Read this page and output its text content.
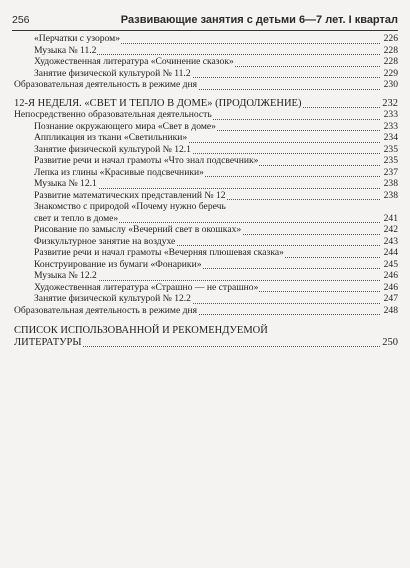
256	Развивающие занятия с детьми 6—7 лет. I квартал
«Перчатки с узором»	226
Музыка № 11.2	228
Художественная литература «Сочинение сказок»	228
Занятие физической культурой № 11.2	229
Образовательная деятельность в режиме дня	230
12-Я НЕДЕЛЯ. «СВЕТ И ТЕПЛО В ДОМЕ» (ПРОДОЛЖЕНИЕ)	232
Непосредственно образовательная деятельность	233
Познание окружающего мира «Свет в доме»	233
Аппликация из ткани «Светильники»	234
Занятие физической культурой № 12.1	235
Развитие речи и начал грамоты «Что знал подсвечник»	235
Лепка из глины «Красивые подсвечники»	237
Музыка № 12.1	238
Развитие математических представлений № 12	238
Знакомство с природой «Почему нужно беречь
свет и тепло в доме»	241
Рисование по замыслу «Вечерний свет в окошках»	242
Физкультурное занятие на воздухе	243
Развитие речи и начал грамоты «Вечерняя плюшевая сказка»	244
Конструирование из бумаги «Фонарики»	245
Музыка № 12.2	246
Художественная литература «Страшно — не страшно»	246
Занятие физической культурой № 12.2	247
Образовательная деятельность в режиме дня	248
СПИСОК ИСПОЛЬЗОВАННОЙ И РЕКОМЕНДУЕМОЙ
ЛИТЕРАТУРЫ	250
